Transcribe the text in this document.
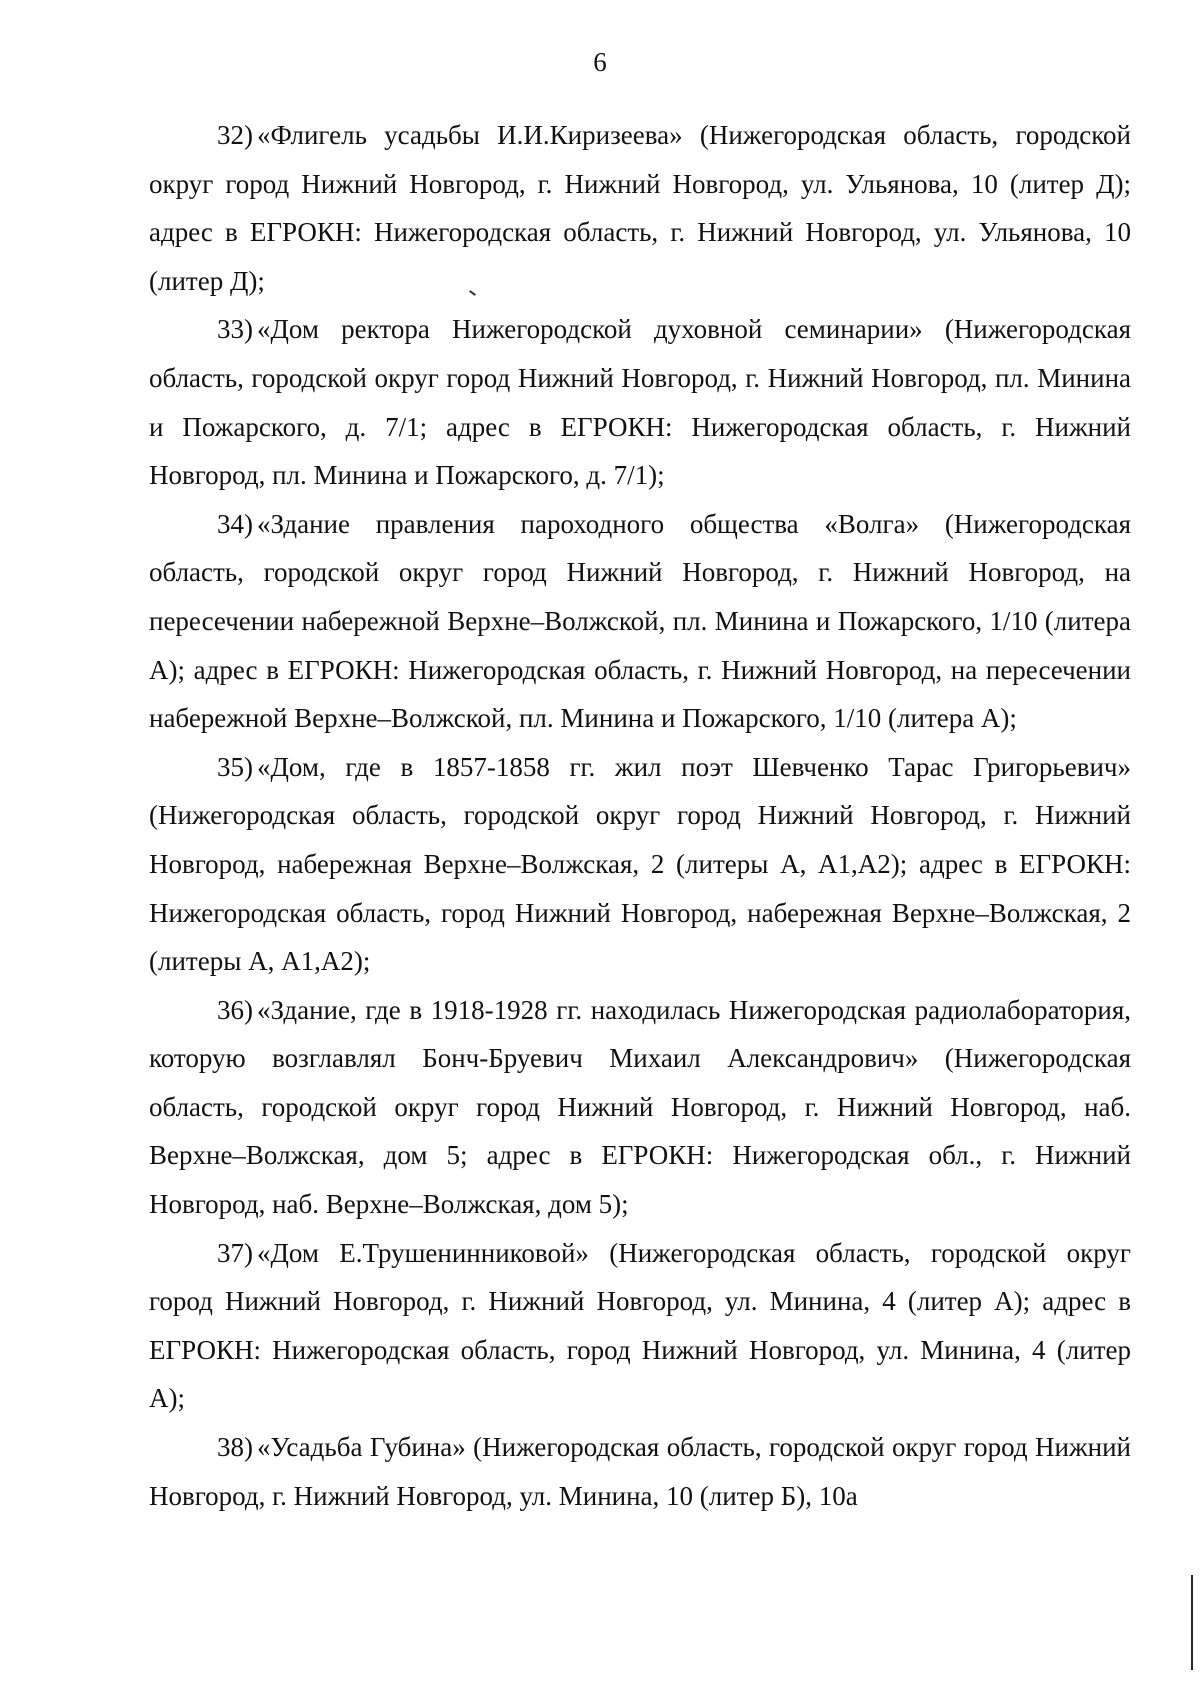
6

32) «Флигель усадьбы И.И.Киризеева» (Нижегородская область, городской округ город Нижний Новгород, г. Нижний Новгород, ул. Ульянова, 10 (литер Д); адрес в ЕГРОКН: Нижегородская область, г. Нижний Новгород, ул. Ульянова, 10 (литер Д);

33) «Дом ректора Нижегородской духовной семинарии» (Нижегородская область, городской округ город Нижний Новгород, г. Нижний Новгород, пл. Минина и Пожарского, д. 7/1; адрес в ЕГРОКН: Нижегородская область, г. Нижний Новгород, пл. Минина и Пожарского, д. 7/1);

34) «Здание правления пароходного общества «Волга» (Нижегородская область, городской округ город Нижний Новгород, г. Нижний Новгород, на пересечении набережной Верхне–Волжской, пл. Минина и Пожарского, 1/10 (литера А); адрес в ЕГРОКН: Нижегородская область, г. Нижний Новгород, на пересечении набережной Верхне–Волжской, пл. Минина и Пожарского, 1/10 (литера А);

35) «Дом, где в 1857-1858 гг. жил поэт Шевченко Тарас Григорьевич» (Нижегородская область, городской округ город Нижний Новгород, г. Нижний Новгород, набережная Верхне–Волжская, 2 (литеры А, А1,А2); адрес в ЕГРОКН: Нижегородская область, город Нижний Новгород, набережная Верхне–Волжская, 2 (литеры А, А1,А2);

36) «Здание, где в 1918-1928 гг. находилась Нижегородская радиолаборатория, которую возглавлял Бонч-Бруевич Михаил Александрович» (Нижегородская область, городской округ город Нижний Новгород, г. Нижний Новгород, наб. Верхне–Волжская, дом 5; адрес в ЕГРОКН: Нижегородская обл., г. Нижний Новгород, наб. Верхне–Волжская, дом 5);

37) «Дом Е.Трушенинниковой» (Нижегородская область, городской округ город Нижний Новгород, г. Нижний Новгород, ул. Минина, 4 (литер А); адрес в ЕГРОКН: Нижегородская область, город Нижний Новгород, ул. Минина, 4 (литер А);

38) «Усадьба Губина» (Нижегородская область, городской округ город Нижний Новгород, г. Нижний Новгород, ул. Минина, 10 (литер Б), 10а
